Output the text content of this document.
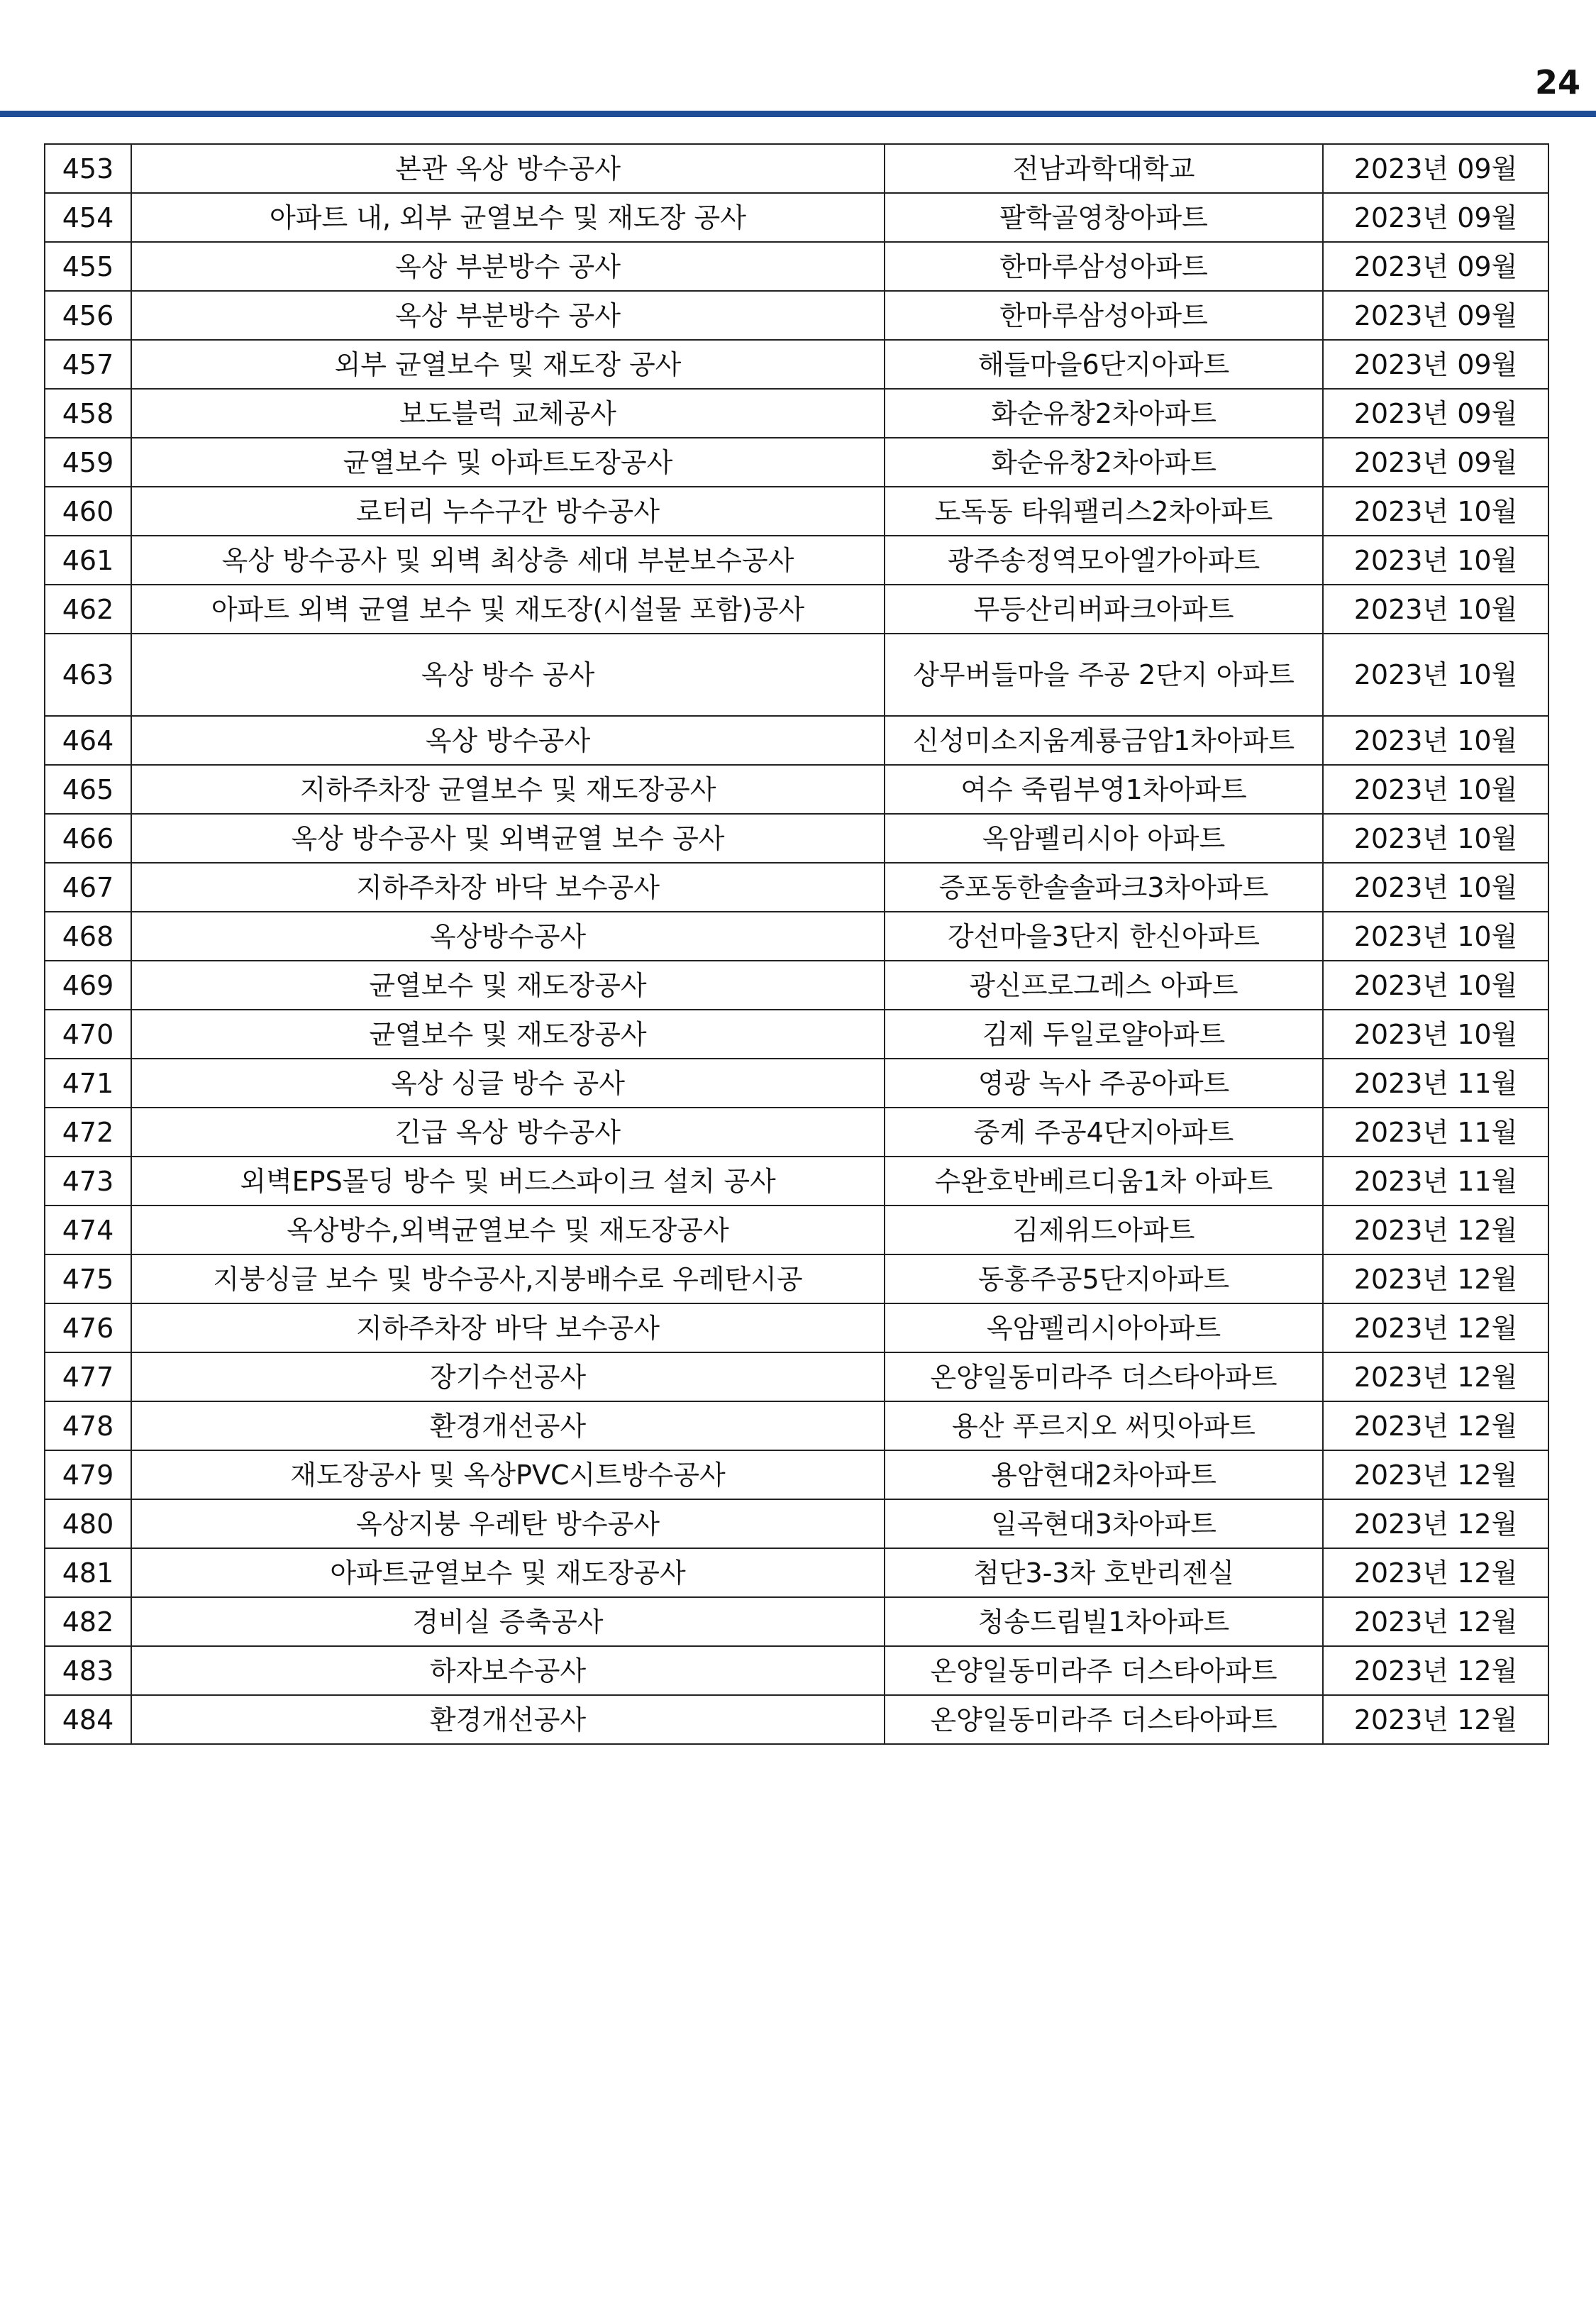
24
453	본관 옥상 방수공사	전남과학대학교	2023년 09월
454	아파트 내, 외부 균열보수 및 재도장 공사	팔학골영창아파트	2023년 09월
455	옥상 부분방수 공사	한마루삼성아파트	2023년 09월
456	옥상 부분방수 공사	한마루삼성아파트	2023년 09월
457	외부 균열보수 및 재도장 공사	해들마을6단지아파트	2023년 09월
458	보도블럭 교체공사	화순유창2차아파트	2023년 09월
459	균열보수 및 아파트도장공사	화순유창2차아파트	2023년 09월
460	로터리 누수구간 방수공사	도독동 타워팰리스2차아파트	2023년 10월
461	옥상 방수공사 및 외벽 최상층 세대 부분보수공사	광주송정역모아엘가아파트	2023년 10월
462	아파트 외벽 균열 보수 및 재도장(시설물 포함)공사	무등산리버파크아파트	2023년 10월
463	옥상 방수 공사	상무버들마을 주공 2단지 아파트	2023년 10월
464	옥상 방수공사	신성미소지움계룡금암1차아파트	2023년 10월
465	지하주차장 균열보수 및 재도장공사	여수 죽림부영1차아파트	2023년 10월
466	옥상 방수공사 및 외벽균열 보수 공사	옥암펠리시아 아파트	2023년 10월
467	지하주차장 바닥 보수공사	증포동한솔솔파크3차아파트	2023년 10월
468	옥상방수공사	강선마을3단지 한신아파트	2023년 10월
469	균열보수 및 재도장공사	광신프로그레스 아파트	2023년 10월
470	균열보수 및 재도장공사	김제 두일로얄아파트	2023년 10월
471	옥상 싱글 방수 공사	영광 녹사 주공아파트	2023년 11월
472	긴급 옥상 방수공사	중계 주공4단지아파트	2023년 11월
473	외벽EPS몰딩 방수 및 버드스파이크 설치 공사	수완호반베르디움1차 아파트	2023년 11월
474	옥상방수,외벽균열보수 및 재도장공사	김제위드아파트	2023년 12월
475	지붕싱글 보수 및 방수공사,지붕배수로 우레탄시공	동홍주공5단지아파트	2023년 12월
476	지하주차장 바닥 보수공사	옥암펠리시아아파트	2023년 12월
477	장기수선공사	온양일동미라주 더스타아파트	2023년 12월
478	환경개선공사	용산 푸르지오 써밋아파트	2023년 12월
479	재도장공사 및 옥상PVC시트방수공사	용암현대2차아파트	2023년 12월
480	옥상지붕 우레탄 방수공사	일곡현대3차아파트	2023년 12월
481	아파트균열보수 및 재도장공사	첨단3-3차 호반리젠실	2023년 12월
482	경비실 증축공사	청송드림빌1차아파트	2023년 12월
483	하자보수공사	온양일동미라주 더스타아파트	2023년 12월
484	환경개선공사	온양일동미라주 더스타아파트	2023년 12월
